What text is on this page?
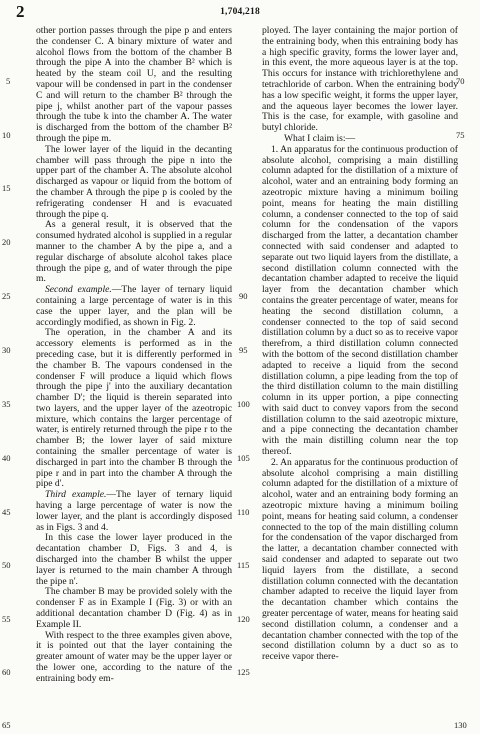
2	1,704,218
5
10
15
20
25
30
35
40
45
50
55
60
65

other portion passes through the pipe p and enters the condenser C. A binary mixture of water and alcohol flows from the bottom of the chamber B through the pipe A into the chamber B² which is heated by the steam coil U, and the resulting vapour will be condensed in part in the condenser C and will return to the chamber B² through the pipe j, whilst another part of the vapour passes through the tube k into the chamber A. The water is discharged from the bottom of the chamber B² through the pipe m.

The lower layer of the liquid in the decanting chamber will pass through the pipe n into the upper part of the chamber A. The absolute alcohol discharged as vapour or liquid from the bottom of the chamber A through the pipe p is cooled by the refrigerating condenser H and is evacuated through the pipe q.

As a general result, it is observed that the consumed hydrated alcohol is supplied in a regular manner to the chamber A by the pipe a, and a regular discharge of absolute alcohol takes place through the pipe g, and of water through the pipe m.

Second example.—The layer of ternary liquid containing a large percentage of water is in this case the upper layer, and the plan will be accordingly modified, as shown in Fig. 2.

The operation, in the chamber A and its accessory elements is performed as in the preceding case, but it is differently performed in the chamber B. The vapours condensed in the condenser F will produce a liquid which flows through the pipe j' into the auxiliary decantation chamber D'; the liquid is therein separated into two layers, and the upper layer of the azeotropic mixture, which contains the larger percentage of water, is entirely returned through the pipe r to the chamber B; the lower layer of said mixture containing the smaller percentage of water is discharged in part into the chamber B through the pipe r and in part into the chamber A through the pipe d'.

Third example.—The layer of ternary liquid having a large percentage of water is now the lower layer, and the plant is accordingly disposed as in Figs. 3 and 4.

In this case the lower layer produced in the decantation chamber D, Figs. 3 and 4, is discharged into the chamber B whilst the upper layer is returned to the main chamber A through the pipe n'.

The chamber B may be provided solely with the condenser F as in Example I (Fig. 3) or with an additional decantation chamber D (Fig. 4) as in Example II.

With respect to the three examples given above, it is pointed out that the layer containing the greater amount of water may be the upper layer or the lower one, according to the nature of the entraining body em-

90
95
100
105
110
115
120
125

ployed. The layer containing the major portion of the entraining body, when this entraining body has a high specific gravity, forms the lower layer and, in this event, the more aqueous layer is at the top. This occurs for instance with trichlorethylene and tetrachloride of carbon. When the entraining body has a low specific weight, it forms the upper layer, and the aqueous layer becomes the lower layer. This is the case, for example, with gasoline and butyl chloride.

What I claim is:—

1. An apparatus for the continuous production of absolute alcohol, comprising a main distilling column adapted for the distillation of a mixture of alcohol, water and an entraining body forming an azeotropic mixture having a minimum boiling point, means for heating the main distilling column, a condenser connected to the top of said column for the condensation of the vapors discharged from the latter, a decantation chamber connected with said condenser and adapted to separate out two liquid layers from the distillate, a second distillation column connected with the decantation chamber adapted to receive the liquid layer from the decantation chamber which contains the greater percentage of water, means for heating the second distillation column, a condenser connected to the top of said second distillation column by a duct so as to receive vapor therefrom, a third distillation column connected with the bottom of the second distillation chamber adapted to receive a liquid from the second distillation column, a pipe leading from the top of the third distillation column to the main distilling column in its upper portion, a pipe connecting with said duct to convey vapors from the second distillation column to the said azeotropic mixture, and a pipe connecting the decantation chamber with the main distilling column near the top thereof.

2. An apparatus for the continuous production of absolute alcohol comprising a main distilling column adapted for the distillation of a mixture of alcohol, water and an entraining body forming an azeotropic mixture having a minimum boiling point, means for heating said column, a condenser connected to the top of the main distilling column for the condensation of the vapor discharged from the latter, a decantation chamber connected with said condenser and adapted to separate out two liquid layers from the distillate, a second distillation column connected with the decantation chamber adapted to receive the liquid layer from the decantation chamber which contains the greater percentage of water, means for heating said second distillation column, a condenser and a decantation chamber connected with the top of the second distillation column by a duct so as to receive vapor there-

70
75
130
